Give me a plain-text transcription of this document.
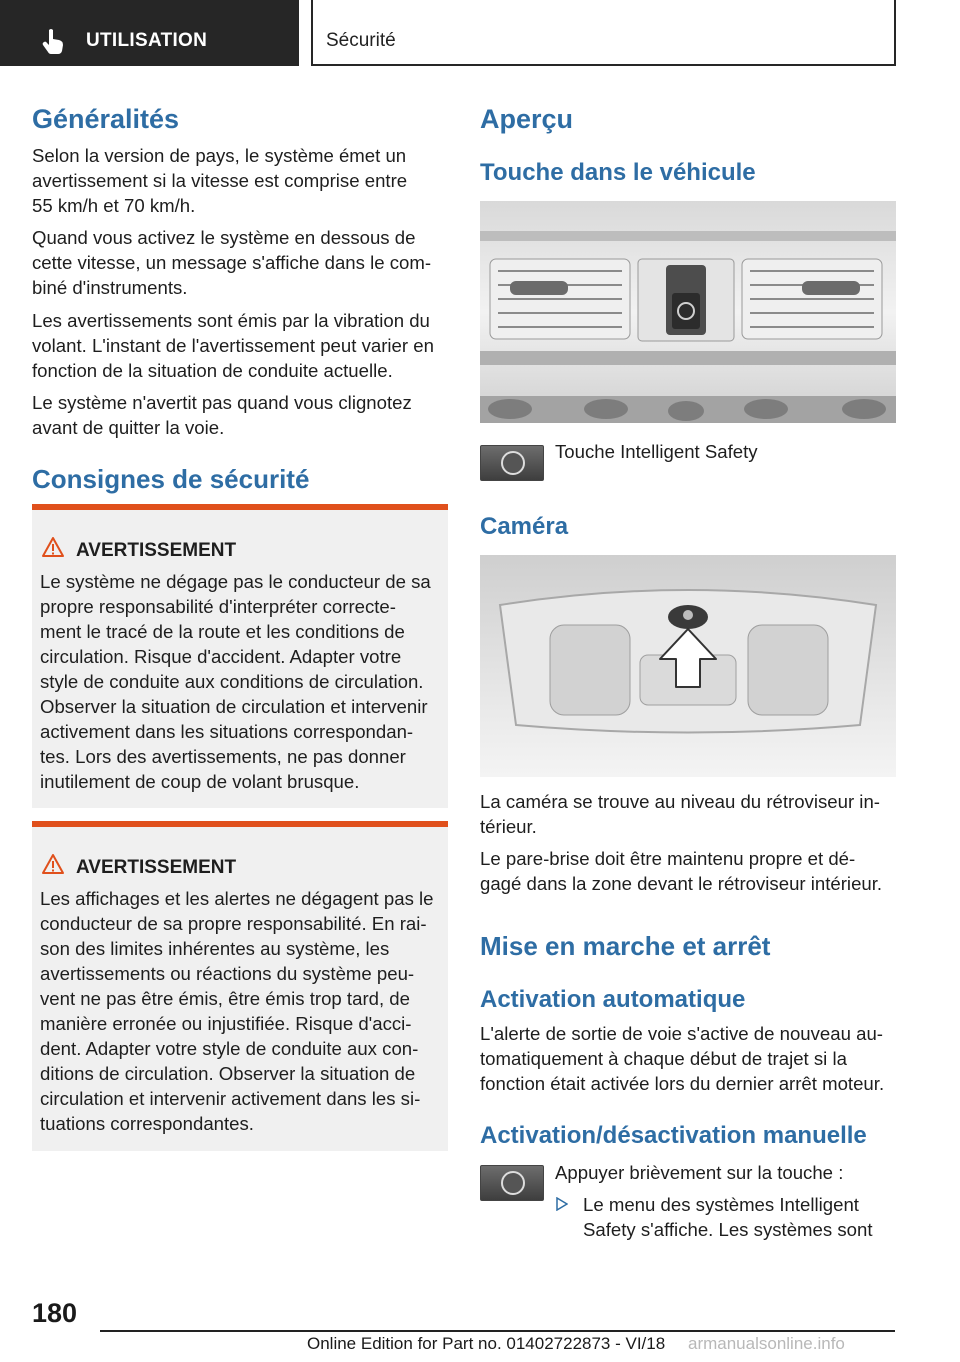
UTILISATION	Sécurité
Généralités
Selon la version de pays, le système émet un
avertissement si la vitesse est comprise entre
55 km/h et 70 km/h.
Quand vous activez le système en dessous de
cette vitesse, un message s'affiche dans le com‐
biné d'instruments.
Les avertissements sont émis par la vibration du
volant. L'instant de l'avertissement peut varier en
fonction de la situation de conduite actuelle.
Le système n'avertit pas quand vous clignotez
avant de quitter la voie.
Consignes de sécurité
AVERTISSEMENT
Le système ne dégage pas le conducteur de sa
propre responsabilité d'interpréter correcte‐
ment le tracé de la route et les conditions de
circulation. Risque d'accident. Adapter votre
style de conduite aux conditions de circulation.
Observer la situation de circulation et intervenir
activement dans les situations correspondan‐
tes. Lors des avertissements, ne pas donner
inutilement de coup de volant brusque.
AVERTISSEMENT
Les affichages et les alertes ne dégagent pas le
conducteur de sa propre responsabilité. En rai‐
son des limites inhérentes au système, les
avertissements ou réactions du système peu‐
vent ne pas être émis, être émis trop tard, de
manière erronée ou injustifiée. Risque d'acci‐
dent. Adapter votre style de conduite aux con‐
ditions de circulation. Observer la situation de
circulation et intervenir activement dans les si‐
tuations correspondantes.
Aperçu
Touche dans le véhicule
Touche Intelligent Safety
Caméra
La caméra se trouve au niveau du rétroviseur in‐
térieur.
Le pare-brise doit être maintenu propre et dé‐
gagé dans la zone devant le rétroviseur intérieur.
Mise en marche et arrêt
Activation automatique
L'alerte de sortie de voie s'active de nouveau au‐
tomatiquement à chaque début de trajet si la
fonction était activée lors du dernier arrêt moteur.
Activation/désactivation manuelle
Appuyer brièvement sur la touche :
Le menu des systèmes Intelligent
Safety s'affiche. Les systèmes sont
180
Online Edition for Part no. 01402722873 - VI/18 armanualsonline.info
